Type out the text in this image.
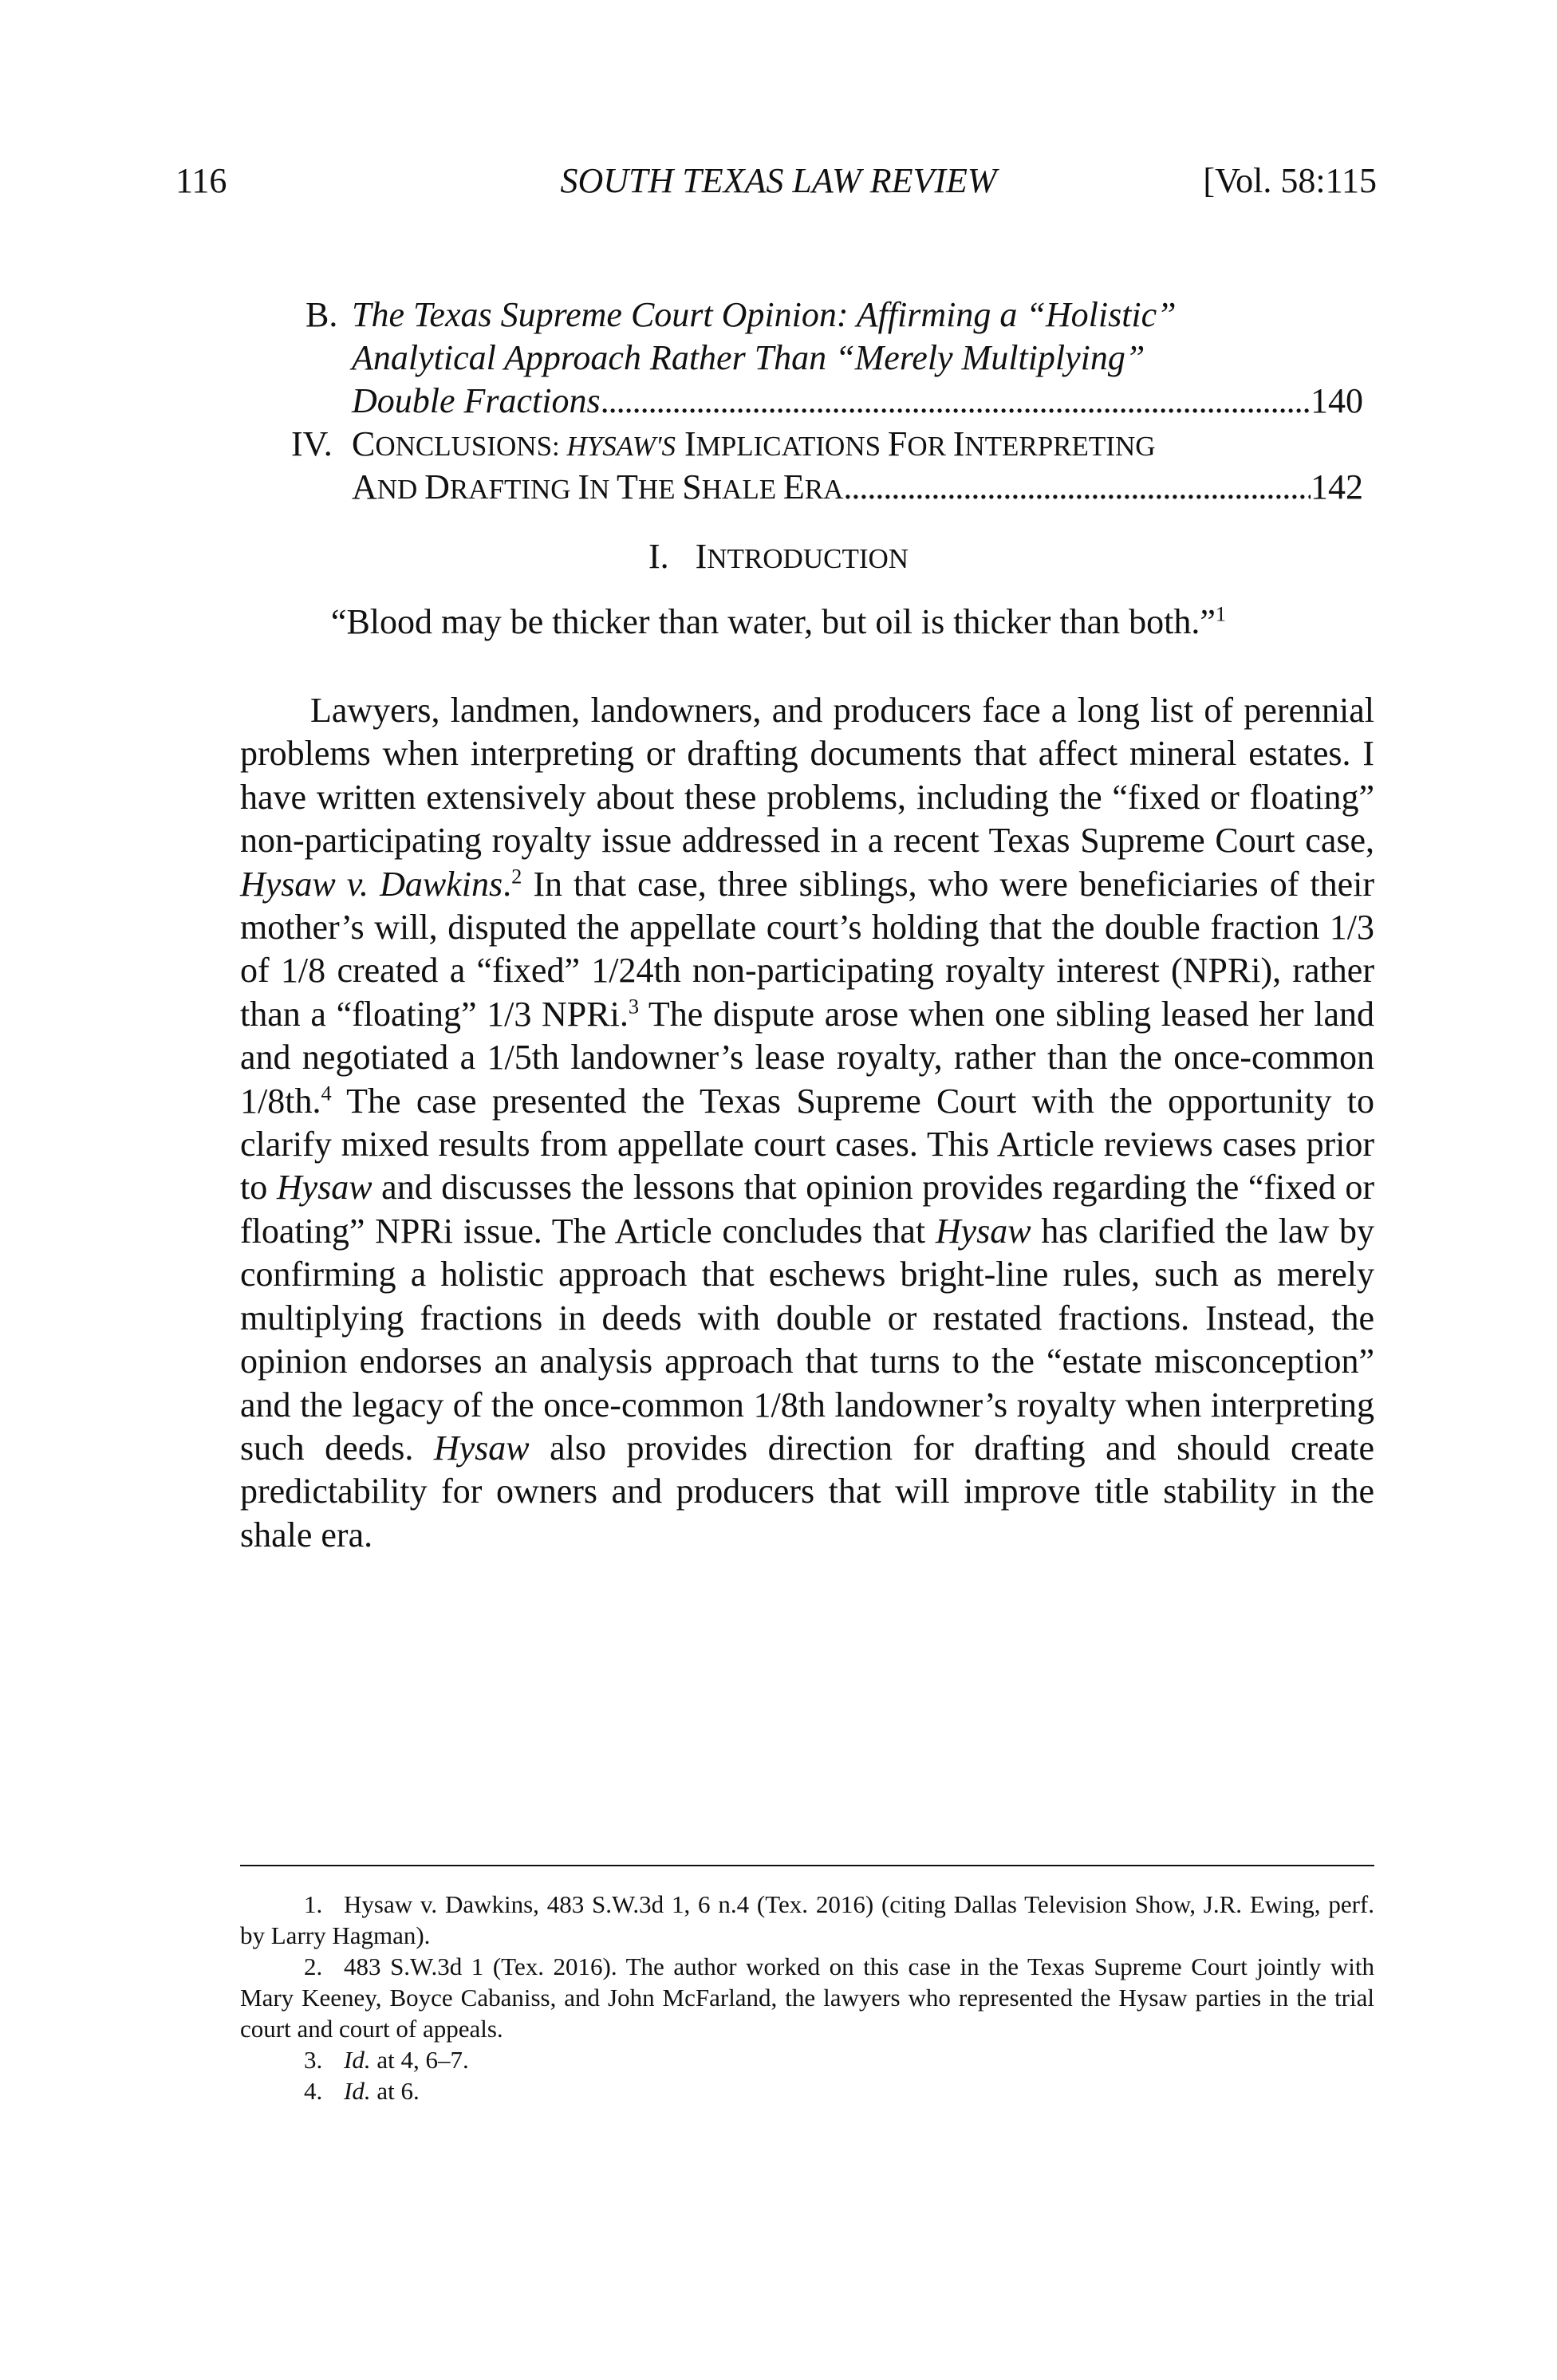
116	SOUTH TEXAS LAW REVIEW	[Vol. 58:115
B. The Texas Supreme Court Opinion: Affirming a “Holistic”
Analytical Approach Rather Than “Merely Multiplying”
Double Fractions . . .	140
IV. CONCLUSIONS: HYSAW'S IMPLICATIONS FOR INTERPRETING
AND DRAFTING IN THE SHALE ERA . . .	142
I. INTRODUCTION
“Blood may be thicker than water, but oil is thicker than both.”$^1$

Lawyers, landmen, landowners, and producers face a long list of perennial problems when interpreting or drafting documents that affect mineral estates. I have written extensively about these problems, including the “fixed or floating” non-participating royalty issue addressed in a recent Texas Supreme Court case, Hysaw v. Dawkins.$^2$ In that case, three siblings, who were beneficiaries of their mother’s will, disputed the appellate court’s holding that the double fraction 1/3 of 1/8 created a “fixed” 1/24th non-participating royalty interest (NPRi), rather than a “floating” 1/3 NPRi.$^3$ The dispute arose when one sibling leased her land and negotiated a 1/5th landowner’s lease royalty, rather than the once-common 1/8th.$^4$ The case presented the Texas Supreme Court with the opportunity to clarify mixed results from appellate court cases. This Article reviews cases prior to Hysaw and discusses the lessons that opinion provides regarding the “fixed or floating” NPRi issue. The Article concludes that Hysaw has clarified the law by confirming a holistic approach that eschews bright-line rules, such as merely multiplying fractions in deeds with double or restated fractions. Instead, the opinion endorses an analysis approach that turns to the “estate misconception” and the legacy of the once-common 1/8th landowner’s royalty when interpreting such deeds. Hysaw also provides direction for drafting and should create predictability for owners and producers that will improve title stability in the shale era.

1. Hysaw v. Dawkins, 483 S.W.3d 1, 6 n.4 (Tex. 2016) (citing Dallas Television Show, J.R. Ewing, perf. by Larry Hagman).

2. 483 S.W.3d 1 (Tex. 2016). The author worked on this case in the Texas Supreme Court jointly with Mary Keeney, Boyce Cabaniss, and John McFarland, the lawyers who represented the Hysaw parties in the trial court and court of appeals.

3. Id. at 4, 6–7.

4. Id. at 6.
